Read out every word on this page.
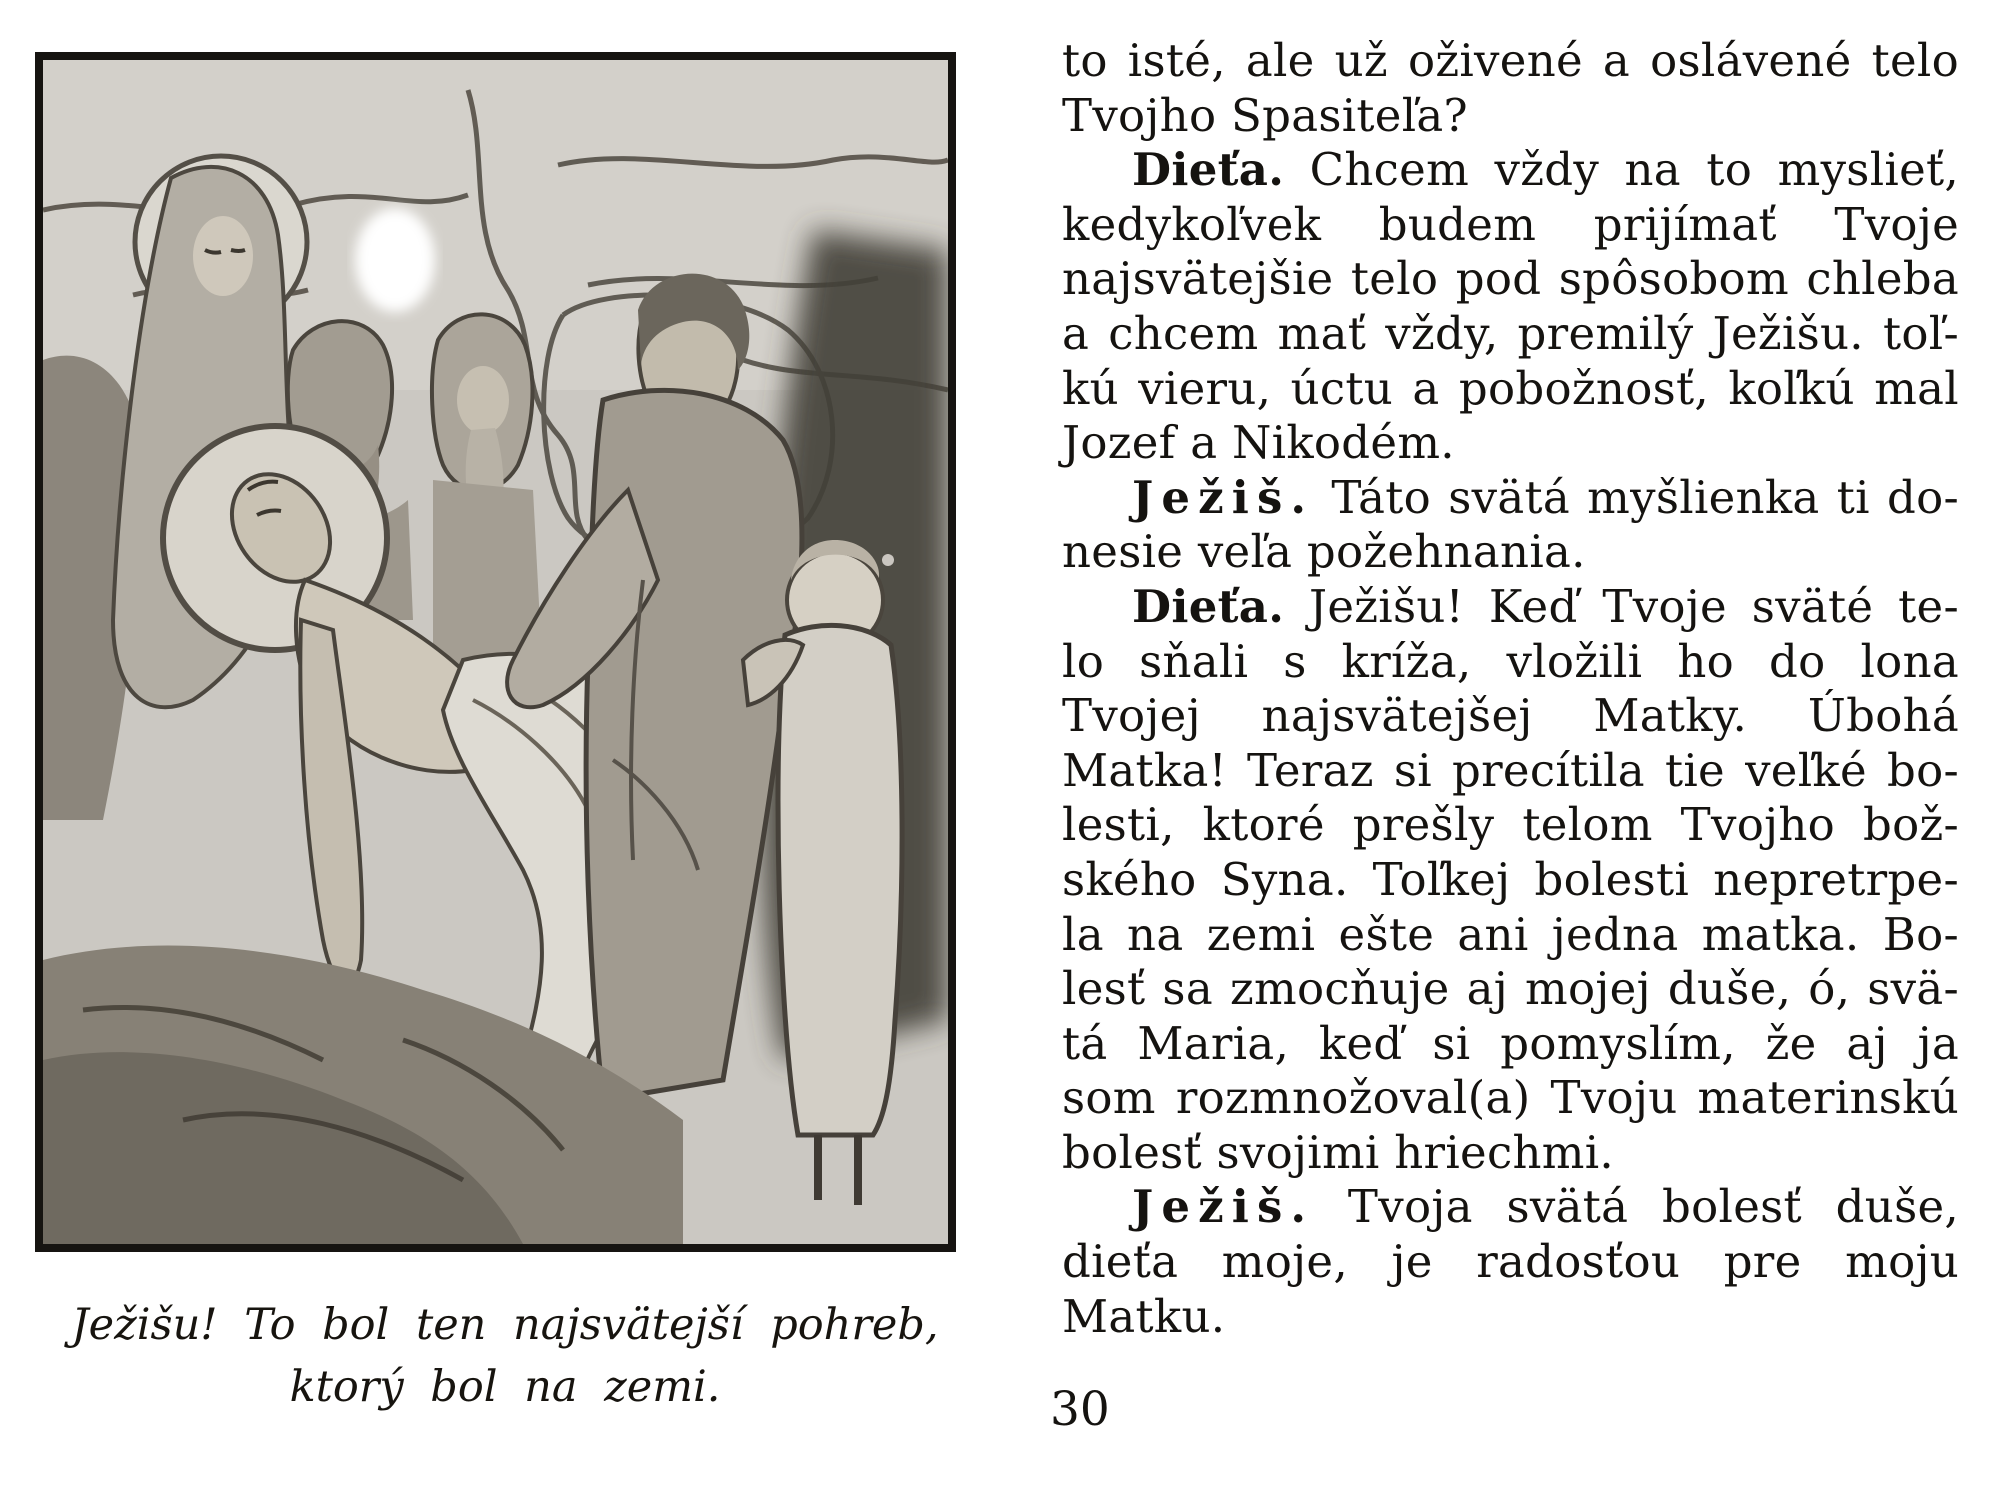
Ježišu! To bol ten najsvätejší pohreb,
ktorý bol na zemi.
to isté, ale už oživené a oslávené telo
Tvojho Spasiteľa?
Dieťa. Chcem vždy na to myslieť,
kedykoľvek budem prijímať Tvoje
najsvätejšie telo pod spôsobom chleba
a chcem mať vždy, premilý Ježišu. toľ-
kú vieru, úctu a pobožnosť, koľkú mal
Jozef a Nikodém.
Ježiš. Táto svätá myšlienka ti do-
nesie veľa požehnania.
Dieťa. Ježišu! Keď Tvoje sväté te-
lo sňali s kríža, vložili ho do lona
Tvojej najsvätejšej Matky. Úbohá
Matka! Teraz si precítila tie veľké bo-
lesti, ktoré prešly telom Tvojho bož-
ského Syna. Toľkej bolesti nepretrpe-
la na zemi ešte ani jedna matka. Bo-
lesť sa zmocňuje aj mojej duše, ó, svä-
tá Maria, keď si pomyslím, že aj ja
som rozmnožoval(a) Tvoju materinskú
bolesť svojimi hriechmi.
Ježiš. Tvoja svätá bolesť duše,
dieťa moje, je radosťou pre moju
Matku.
30
